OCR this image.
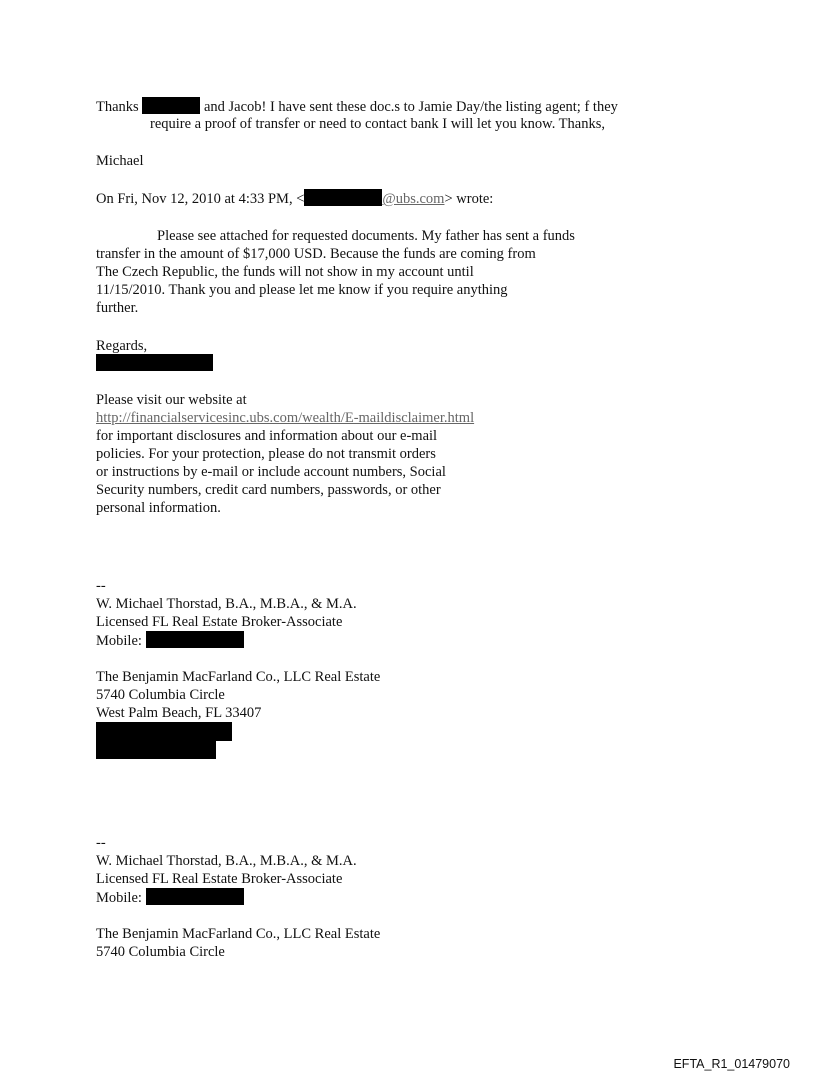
Thanks	and Jacob! I have sent these doc.s to Jamie Day/the listing agent; f they
require a proof of transfer or need to contact bank I will let you know. Thanks,
Michael
On Fri, Nov 12, 2010 at 4:33 PM, <	@ubs.com> wrote:
Please see attached for requested documents. My father has sent a funds
transfer in the amount of $17,000 USD. Because the funds are coming from
The Czech Republic, the funds will not show in my account until
11/15/2010. Thank you and please let me know if you require anything
further.
Regards,
Please visit our website at
http://financialservicesinc.ubs.com/wealth/E-maildisclaimer.html
for important disclosures and information about our e-mail
policies. For your protection, please do not transmit orders
or instructions by e-mail or include account numbers, Social
Security numbers, credit card numbers, passwords, or other
personal information.
--
W. Michael Thorstad, B.A., M.B.A., & M.A.
Licensed FL Real Estate Broker-Associate
Mobile:
The Benjamin MacFarland Co., LLC Real Estate
5740 Columbia Circle
West Palm Beach, FL 33407
--
W. Michael Thorstad, B.A., M.B.A., & M.A.
Licensed FL Real Estate Broker-Associate
Mobile:
The Benjamin MacFarland Co., LLC Real Estate
5740 Columbia Circle
EFTA_R1_01479070
